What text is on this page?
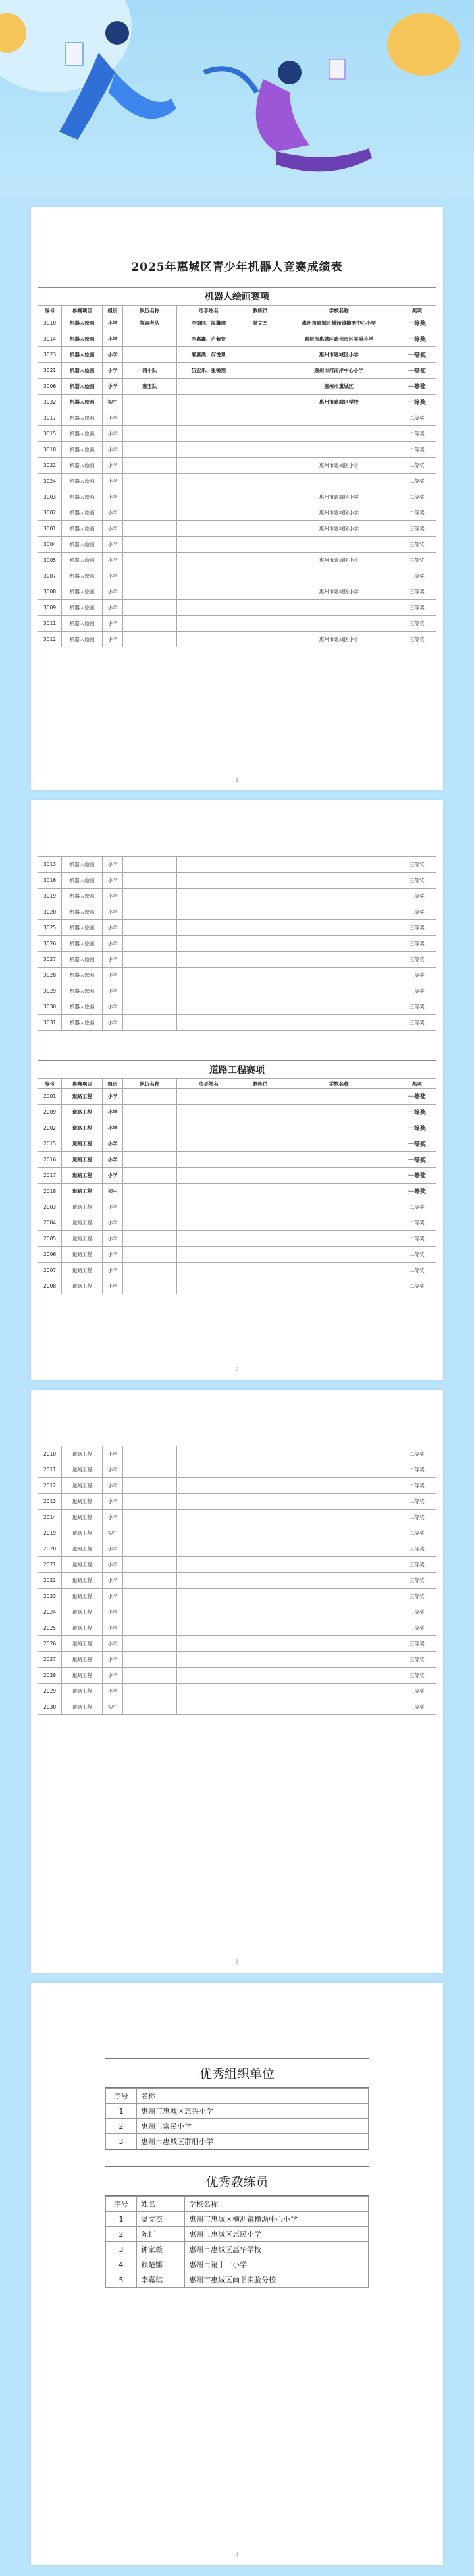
2025年惠城区青少年机器人竞赛成绩表
机器人绘画赛项
编号	参赛项目	组别	队伍名称	选手姓名	教练员	学校名称	奖项
3010	机器人绘画	小学	探索者队	李锦同、温馨瑜	温文杰	惠州市惠城区横沥镇横沥中心小学	一等奖
3014	机器人绘画	小学		李惠鑫、卢紫萱		惠州市惠城区惠州市区实验小学	一等奖
3023	机器人绘画	小学		熊惠澳、何悦恩		惠州市惠城区小学	一等奖
3021	机器人绘画	小学	鸿小队	伍宏乐、张锐翔		惠州市河南岸中心小学	一等奖
3006	机器人绘画	小学	惠宝队			惠州市惠城区	一等奖
3032	机器人绘画	初中				惠州市惠城区学校	一等奖
3017	机器人绘画	小学					二等奖
3015	机器人绘画	小学					二等奖
3018	机器人绘画	小学					二等奖
3022	机器人绘画	小学				惠州市惠城区小学	二等奖
3024	机器人绘画	小学					二等奖
3003	机器人绘画	小学				惠州市惠城区小学	二等奖
3002	机器人绘画	小学				惠州市惠城区小学	二等奖
3001	机器人绘画	小学				惠州市惠城区小学	三等奖
3004	机器人绘画	小学					三等奖
3005	机器人绘画	小学				惠州市惠城区小学	三等奖
3007	机器人绘画	小学					三等奖
3008	机器人绘画	小学				惠州市惠城区小学	三等奖
3009	机器人绘画	小学					三等奖
3011	机器人绘画	小学					三等奖
3012	机器人绘画	小学				惠州市惠城区小学	三等奖
1
3013	机器人绘画	小学					三等奖
3016	机器人绘画	小学					三等奖
3019	机器人绘画	小学					三等奖
3020	机器人绘画	小学					三等奖
3025	机器人绘画	小学					三等奖
3026	机器人绘画	小学					三等奖
3027	机器人绘画	小学					三等奖
3028	机器人绘画	小学					三等奖
3029	机器人绘画	小学					三等奖
3030	机器人绘画	小学					三等奖
3031	机器人绘画	小学					三等奖
道路工程赛项
编号	参赛项目	组别	队伍名称	选手姓名	教练员	学校名称	奖项
2001	道路工程	小学					一等奖
2009	道路工程	小学					一等奖
2002	道路工程	小学					一等奖
2015	道路工程	小学					一等奖
2016	道路工程	小学					一等奖
2017	道路工程	小学					一等奖
2018	道路工程	初中					一等奖
2003	道路工程	小学					二等奖
2004	道路工程	小学					二等奖
2005	道路工程	小学					二等奖
2006	道路工程	小学					二等奖
2007	道路工程	小学					二等奖
2008	道路工程	小学					二等奖
2
2010	道路工程	小学					二等奖
2011	道路工程	小学					二等奖
2012	道路工程	小学					二等奖
2013	道路工程	小学					二等奖
2014	道路工程	小学					二等奖
2019	道路工程	初中					二等奖
2020	道路工程	小学					三等奖
2021	道路工程	小学					三等奖
2022	道路工程	小学					三等奖
2023	道路工程	小学					三等奖
2024	道路工程	小学					三等奖
2025	道路工程	小学					三等奖
2026	道路工程	小学					三等奖
2027	道路工程	小学					三等奖
2028	道路工程	小学					三等奖
2029	道路工程	小学					三等奖
2030	道路工程	初中					三等奖
3
优秀组织单位
序号	名称
1	惠州市惠城区惠兴小学
2	惠州市富民小学
3	惠州市惠城区群朋小学
优秀教练员
序号	姓名	学校名称
1	温文杰	惠州市惠城区横沥镇横沥中心小学
2	陈虹	惠州市惠城区惠民小学
3	钟家璇	惠州市惠城区惠华学校
4	赖楚娜	惠州市第十一小学
5	李嘉琪	惠州市惠城区尚书实验分校
4
